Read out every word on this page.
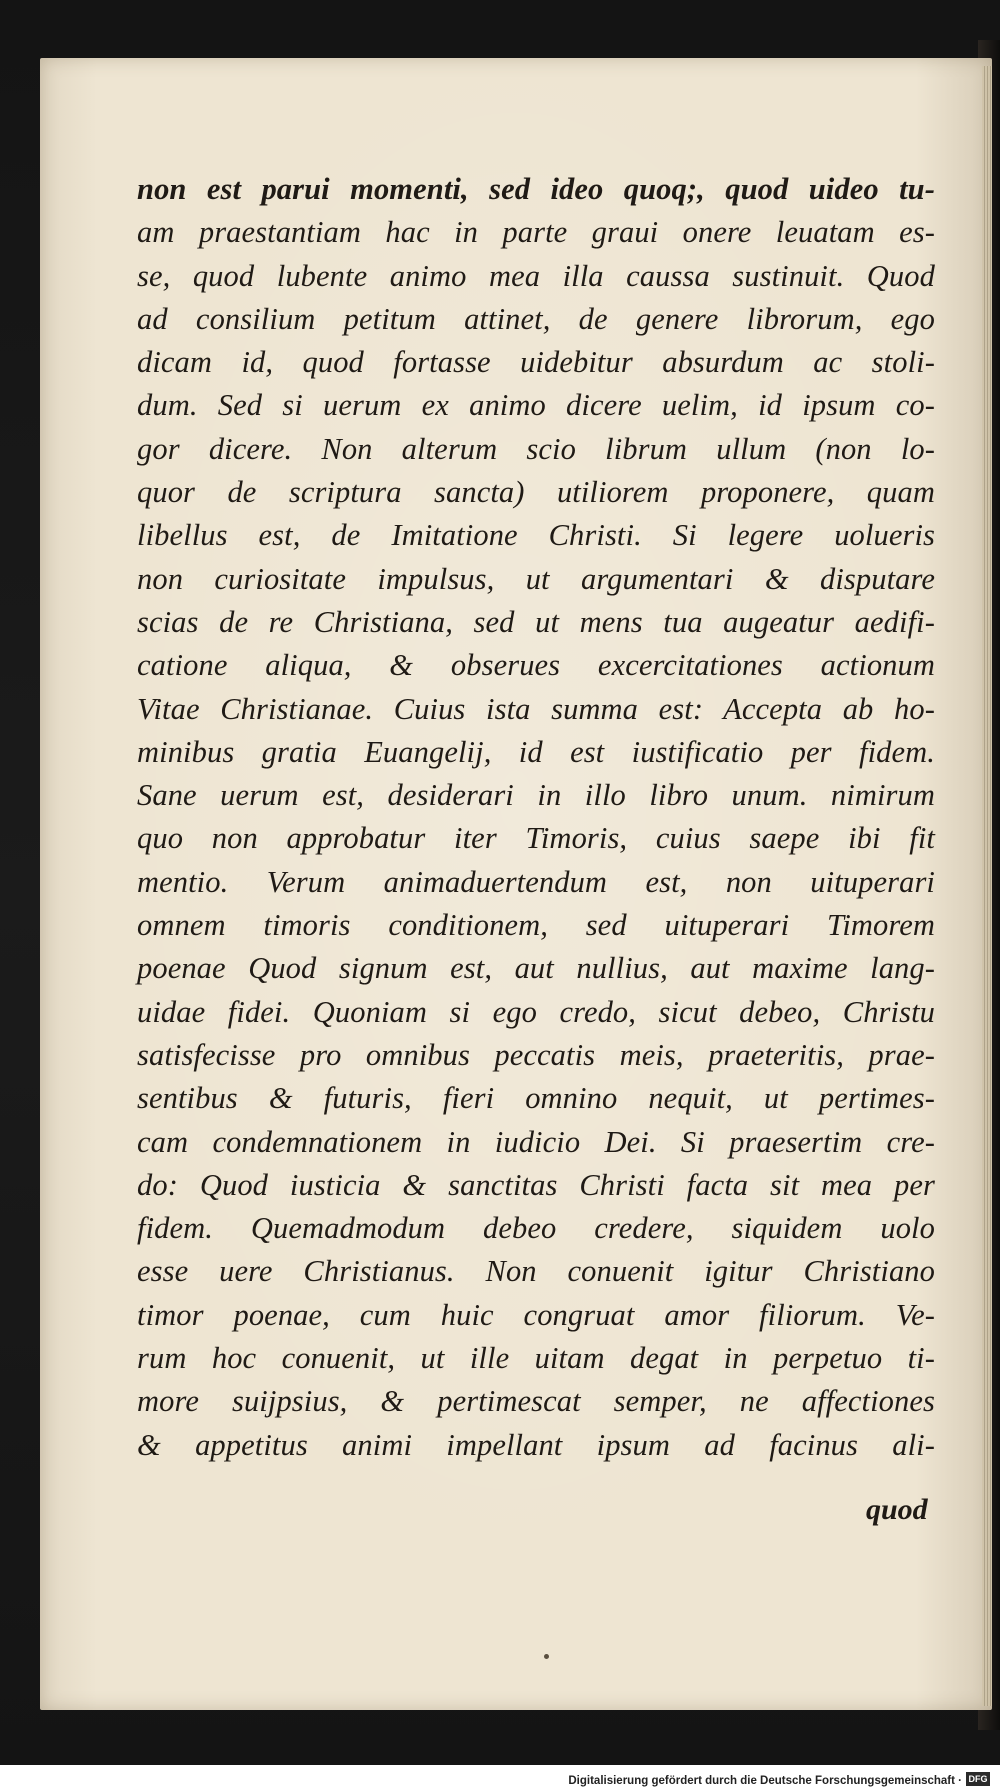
non est parui momenti, sed ideo quoq;, quod uideo tu-
am praestantiam hac in parte graui onere leuatam es-
se, quod lubente animo mea illa caussa sustinuit. Quod
ad consilium petitum attinet, de genere librorum, ego
dicam id, quod fortasse uidebitur absurdum ac stoli-
dum. Sed si uerum ex animo dicere uelim, id ipsum co-
gor dicere. Non alterum scio librum ullum (non lo-
quor de scriptura sancta) utiliorem proponere, quam
libellus est, de Imitatione Christi. Si legere uolueris
non curiositate impulsus, ut argumentari & disputare
scias de re Christiana, sed ut mens tua augeatur aedifi-
catione aliqua, & obserues excercitationes actionum
Vitae Christianae. Cuius ista summa est: Accepta ab ho-
minibus gratia Euangelij, id est iustificatio per fidem.
Sane uerum est, desiderari in illo libro unum. nimirum
quo non approbatur iter Timoris, cuius saepe ibi fit
mentio. Verum animaduertendum est, non uituperari
omnem timoris conditionem, sed uituperari Timorem
poenae Quod signum est, aut nullius, aut maxime lang-
uidae fidei. Quoniam si ego credo, sicut debeo, Christu
satisfecisse pro omnibus peccatis meis, praeteritis, prae-
sentibus & futuris, fieri omnino nequit, ut pertimes-
cam condemnationem in iudicio Dei. Si praesertim cre-
do: Quod iusticia & sanctitas Christi facta sit mea per
fidem. Quemadmodum debeo credere, siquidem uolo
esse uere Christianus. Non conuenit igitur Christiano
timor poenae, cum huic congruat amor filiorum. Ve-
rum hoc conuenit, ut ille uitam degat in perpetuo ti-
more suijpsius, & pertimescat semper, ne affectiones
& appetitus animi impellant ipsum ad facinus ali-
quod
Digitalisierung gefördert durch die Deutsche Forschungsgemeinschaft · DFG
